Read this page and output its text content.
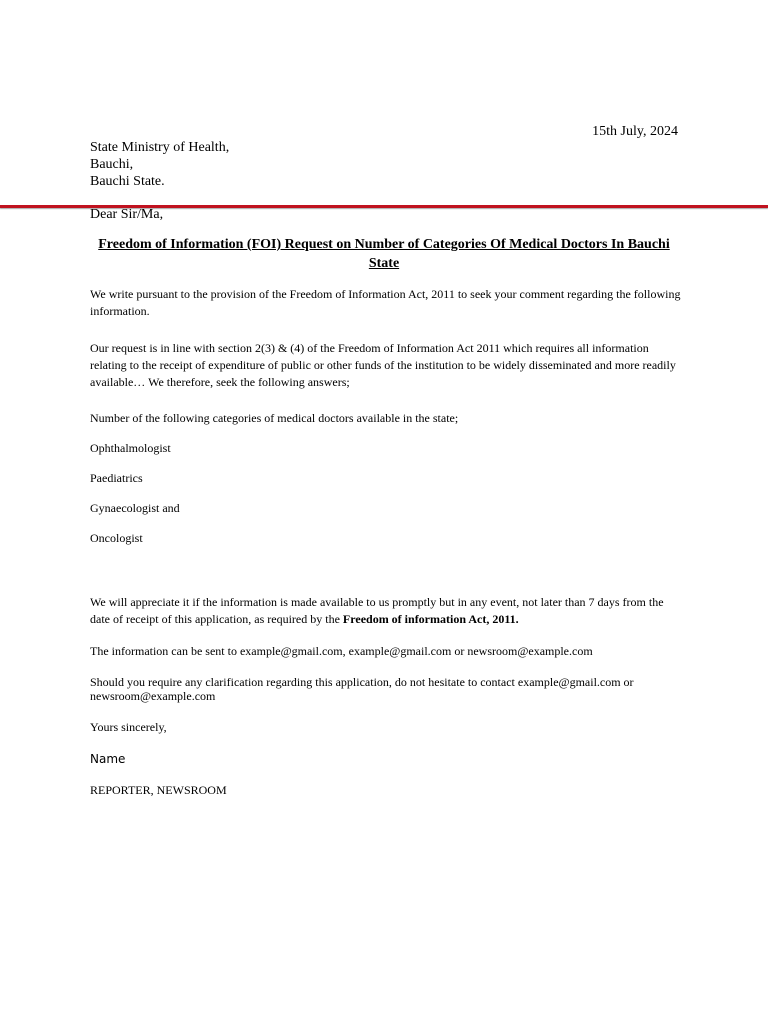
15th July, 2024
State Ministry of Health,
Bauchi,
Bauchi State.
Dear Sir/Ma,
Freedom of Information (FOI) Request on Number of Categories Of Medical Doctors In Bauchi State
We write pursuant to the provision of the Freedom of Information Act, 2011 to seek your comment regarding the following information.
Our request is in line with section 2(3) & (4) of the Freedom of Information Act 2011 which requires all information relating to the receipt of expenditure of public or other funds of the institution to be widely disseminated and more readily available… We therefore, seek the following answers;
Number of the following categories of medical doctors available in the state;
Ophthalmologist
Paediatrics
Gynaecologist and
Oncologist
We will appreciate it if the information is made available to us promptly but in any event, not later than 7 days from the date of receipt of this application, as required by the Freedom of information Act, 2011.
The information can be sent to example@gmail.com, example@gmail.com or newsroom@example.com
Should you require any clarification regarding this application, do not hesitate to contact example@gmail.com or newsroom@example.com
Yours sincerely,
Name
REPORTER, NEWSROOM
